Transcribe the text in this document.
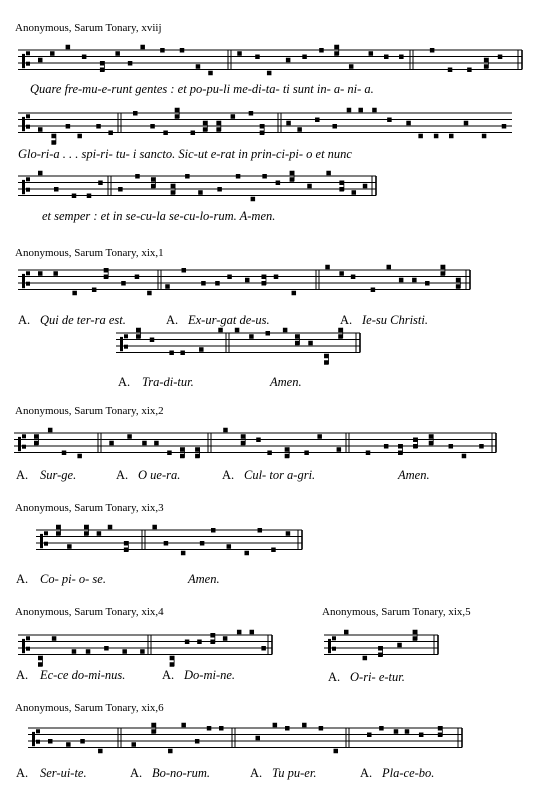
Anonymous, Sarum Tonary, xviij
Quare fre-mu-e-runt gentes : et po-pu-li me-di-ta- ti sunt in- a- ni- a.
Glo-ri-a . . . spi-ri- tu- i sancto. Sic-ut e-rat in prin-ci-pi- o et nunc
et semper : et in se-cu-la se-cu-lo-rum. A-men.
Anonymous, Sarum Tonary, xix,1
A. Qui de ter-ra est.	A. Ex-ur-gat de-us.	A. Ie-su Christi.
A. Tra-di-tur.	Amen.
Anonymous, Sarum Tonary, xix,2
A. Sur-ge.	A. O ue-ra.	A. Cul- tor a-gri.	Amen.
Anonymous, Sarum Tonary, xix,3
A. Co- pi- o- se.	Amen.
Anonymous, Sarum Tonary, xix,4
A. Ec-ce do-mi-nus.	A. Do-mi-ne.
Anonymous, Sarum Tonary, xix,5
A. O-ri- e-tur.
Anonymous, Sarum Tonary, xix,6
A. Ser-ui-te.	A. Bo-no-rum.	A. Tu pu-er.	A. Pla-ce-bo.
